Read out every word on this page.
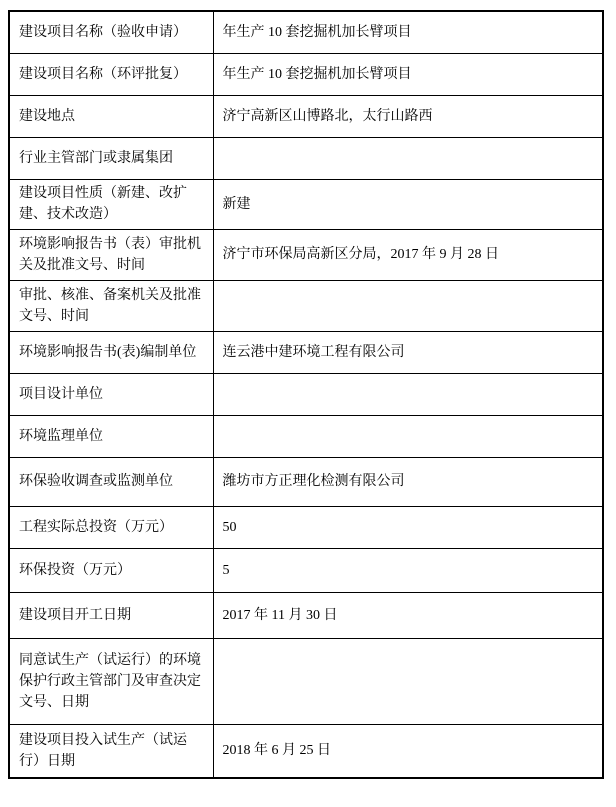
建设项目名称（验收申请）	年生产 10 套挖掘机加长臂项目
建设项目名称（环评批复）	年生产 10 套挖掘机加长臂项目
建设地点	济宁高新区山博路北，太行山路西
行业主管部门或隶属集团	
建设项目性质（新建、改扩建、技术改造）	新建
环境影响报告书（表）审批机关及批准文号、时间	济宁市环保局高新区分局，2017 年 9 月 28 日
审批、核准、备案机关及批准文号、时间	
环境影响报告书(表)编制单位	连云港中建环境工程有限公司
项目设计单位	
环境监理单位	
环保验收调查或监测单位	潍坊市方正理化检测有限公司
工程实际总投资（万元）	50
环保投资（万元）	5
建设项目开工日期	2017 年 11 月 30 日
同意试生产（试运行）的环境保护行政主管部门及审查决定文号、日期	
建设项目投入试生产（试运行）日期	2018 年 6 月 25 日
